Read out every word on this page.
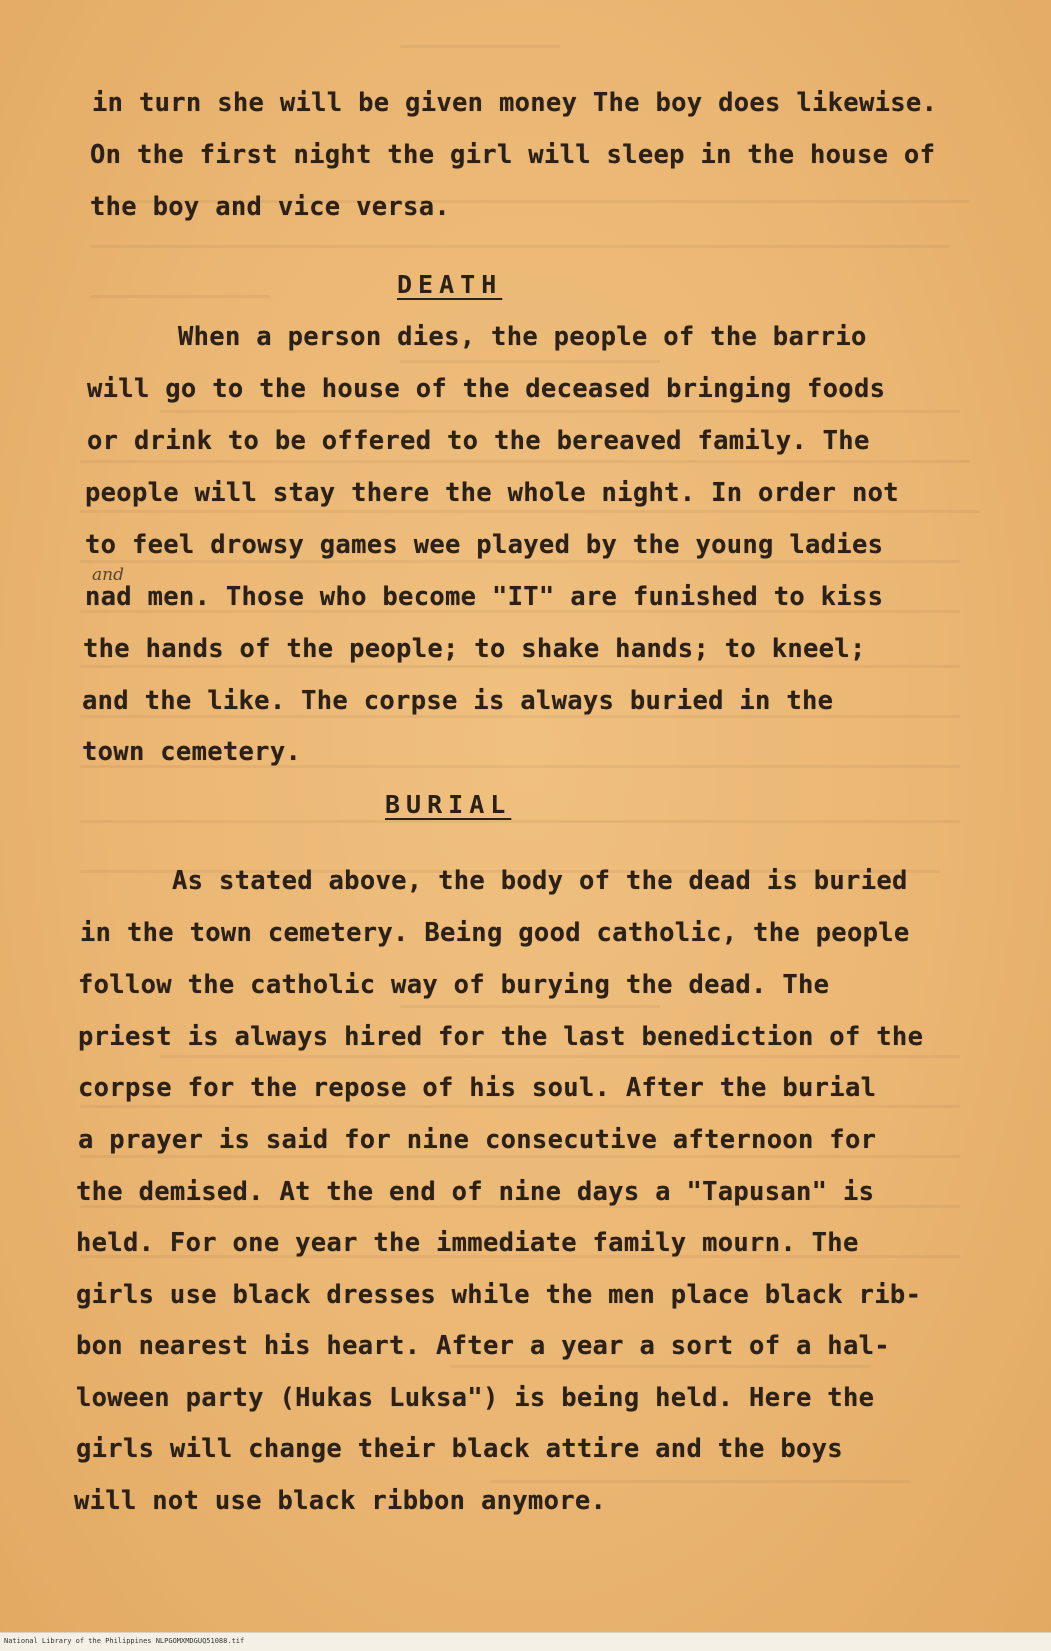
in turn she will be given money The boy does likewise.
On the first night the girl will sleep in the house of
the boy and vice versa.
DEATH
When a person dies, the people of the barrio
will go to the house of the deceased bringing foods
or drink to be offered to the bereaved family. The
people will stay there the whole night. In order not
to feel drowsy games wee played by the young ladies
and
nad men. Those who become "IT" are funished to kiss
the hands of the people; to shake hands; to kneel;
and the like. The corpse is always buried in the
town cemetery.
BURIAL
As stated above, the body of the dead is buried
in the town cemetery. Being good catholic, the people
follow the catholic way of burying the dead. The
priest is always hired for the last benediction of the
corpse for the repose of his soul. After the burial
a prayer is said for nine consecutive afternoon for
the demised. At the end of nine days a "Tapusan" is
held. For one year the immediate family mourn. The
girls use black dresses while the men place black rib-
bon nearest his heart. After a year a sort of a hal-
loween party (Hukas Luksa") is being held. Here the
girls will change their black attire and the boys
will not use black ribbon anymore.
National Library of the Philippines NLPGOMXMDGUQ51088.tif
